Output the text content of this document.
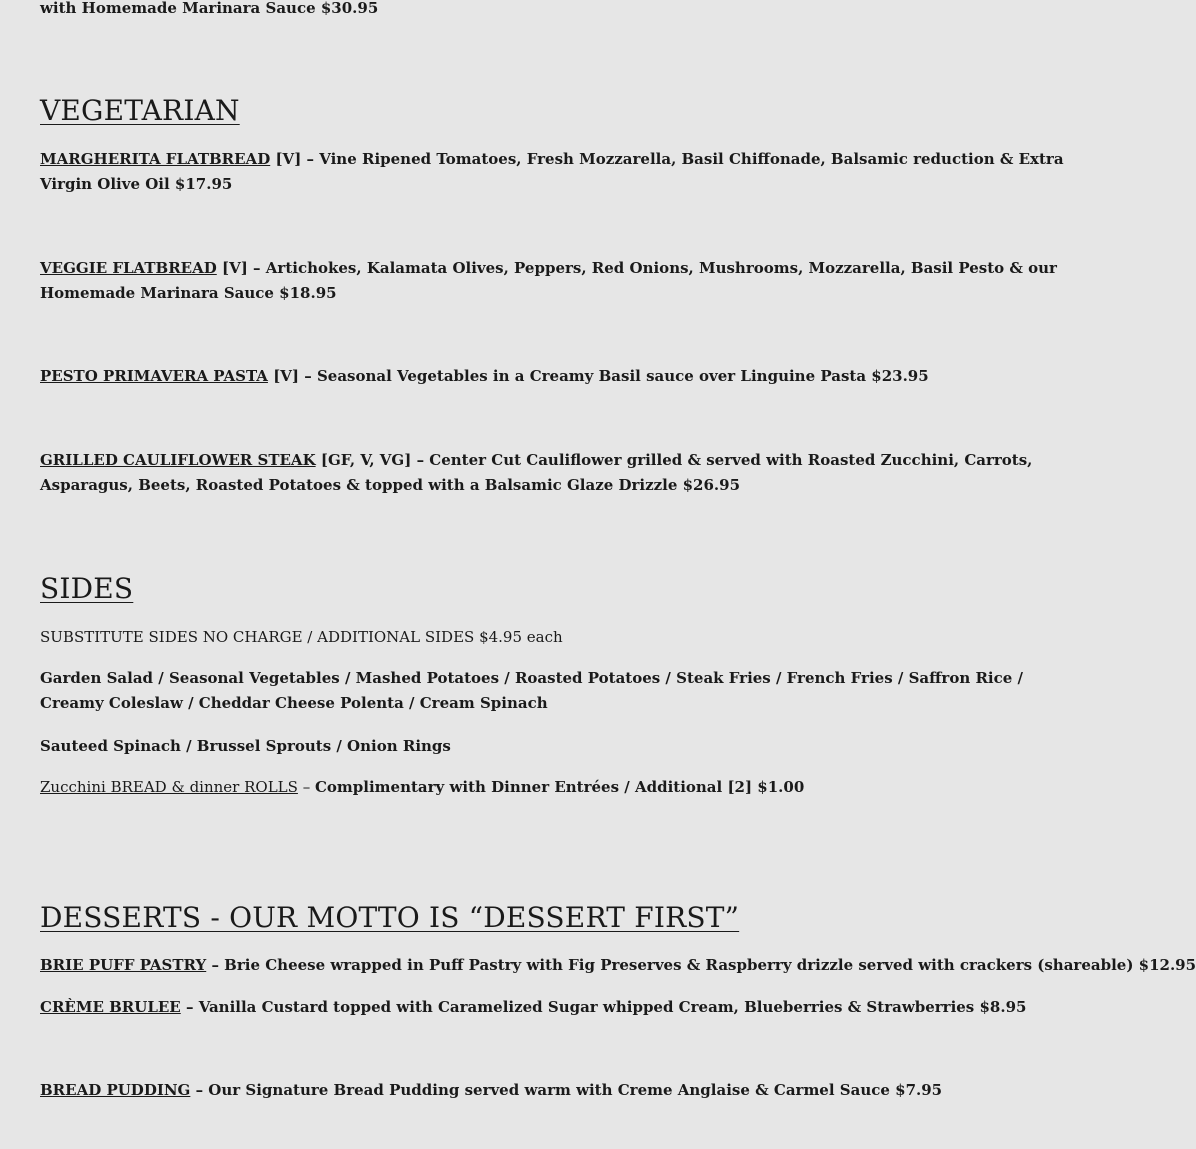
with Homemade Marinara Sauce $30.95
VEGETARIAN
MARGHERITA FLATBREAD [V] – Vine Ripened Tomatoes, Fresh Mozzarella, Basil Chiffonade, Balsamic reduction & Extra Virgin Olive Oil $17.95
VEGGIE FLATBREAD [V] – Artichokes, Kalamata Olives, Peppers, Red Onions, Mushrooms, Mozzarella, Basil Pesto & our Homemade Marinara Sauce $18.95
PESTO PRIMAVERA PASTA [V] – Seasonal Vegetables in a Creamy Basil sauce over Linguine Pasta $23.95
GRILLED CAULIFLOWER STEAK [GF, V, VG] – Center Cut Cauliflower grilled & served with Roasted Zucchini, Carrots, Asparagus, Beets, Roasted Potatoes & topped with a Balsamic Glaze Drizzle $26.95
SIDES
SUBSTITUTE SIDES NO CHARGE / ADDITIONAL SIDES $4.95 each
Garden Salad / Seasonal Vegetables / Mashed Potatoes / Roasted Potatoes / Steak Fries / French Fries / Saffron Rice / Creamy Coleslaw / Cheddar Cheese Polenta / Cream Spinach
Sauteed Spinach / Brussel Sprouts / Onion Rings
Zucchini BREAD & dinner ROLLS – Complimentary with Dinner Entrées / Additional [2] $1.00
DESSERTS - OUR MOTTO IS “DESSERT FIRST”
BRIE PUFF PASTRY – Brie Cheese wrapped in Puff Pastry with Fig Preserves & Raspberry drizzle served with crackers (shareable) $12.95
CRÈME BRULEE – Vanilla Custard topped with Caramelized Sugar whipped Cream, Blueberries & Strawberries $8.95
BREAD PUDDING – Our Signature Bread Pudding served warm with Creme Anglaise & Carmel Sauce $7.95
